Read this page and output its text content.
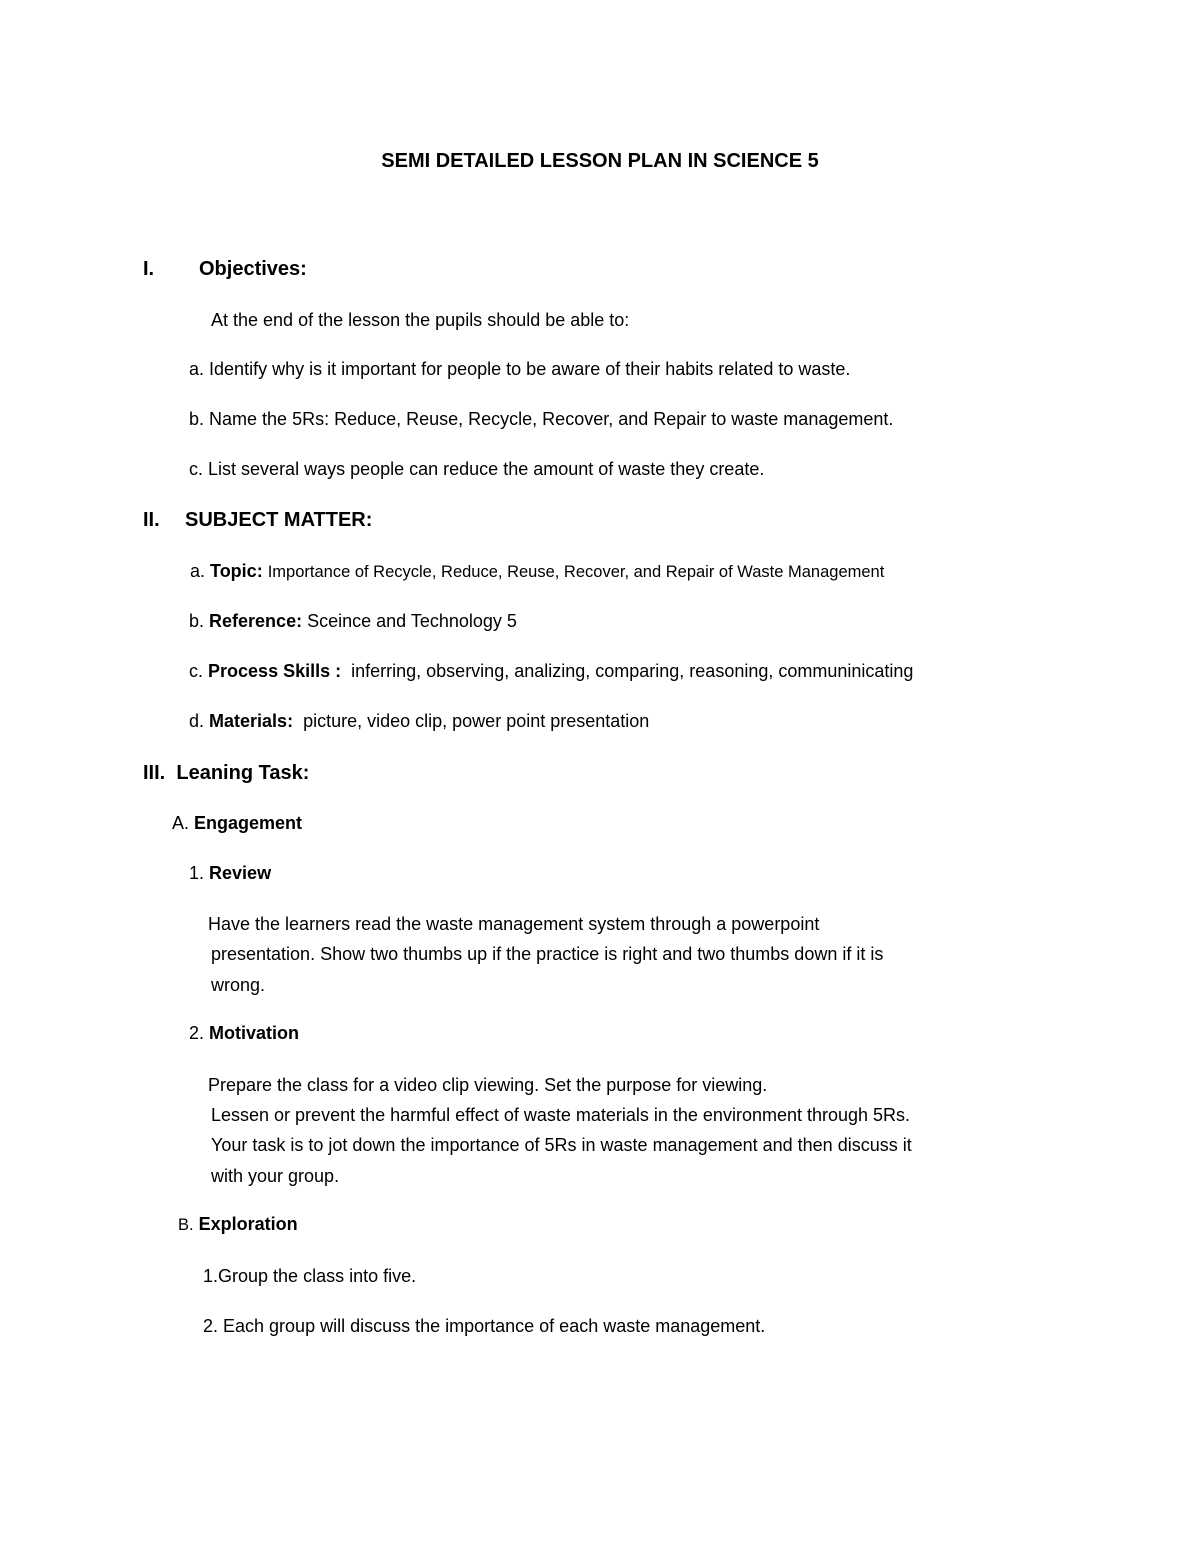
SEMI DETAILED LESSON PLAN IN SCIENCE 5
I. Objectives:
At the end of the lesson the pupils should be able to:
a. Identify why is it important for people to be aware of their habits related to waste.
b. Name the 5Rs: Reduce, Reuse, Recycle, Recover, and Repair to waste management.
c. List several ways people can reduce the amount of waste they create.
II. SUBJECT MATTER:
a. Topic: Importance of Recycle, Reduce, Reuse, Recover, and Repair of Waste Management
b. Reference: Sceince and Technology 5
c. Process Skills : inferring, observing, analizing, comparing, reasoning, communinicating
d. Materials: picture, video clip, power point presentation
III. Leaning Task:
A. Engagement
1. Review
Have the learners read the waste management system through a powerpoint
presentation. Show two thumbs up if the practice is right and two thumbs down if it is
wrong.
2. Motivation
Prepare the class for a video clip viewing. Set the purpose for viewing.
Lessen or prevent the harmful effect of waste materials in the environment through 5Rs.
Your task is to jot down the importance of 5Rs in waste management and then discuss it
with your group.
B. Exploration
1.Group the class into five.
2. Each group will discuss the importance of each waste management.
